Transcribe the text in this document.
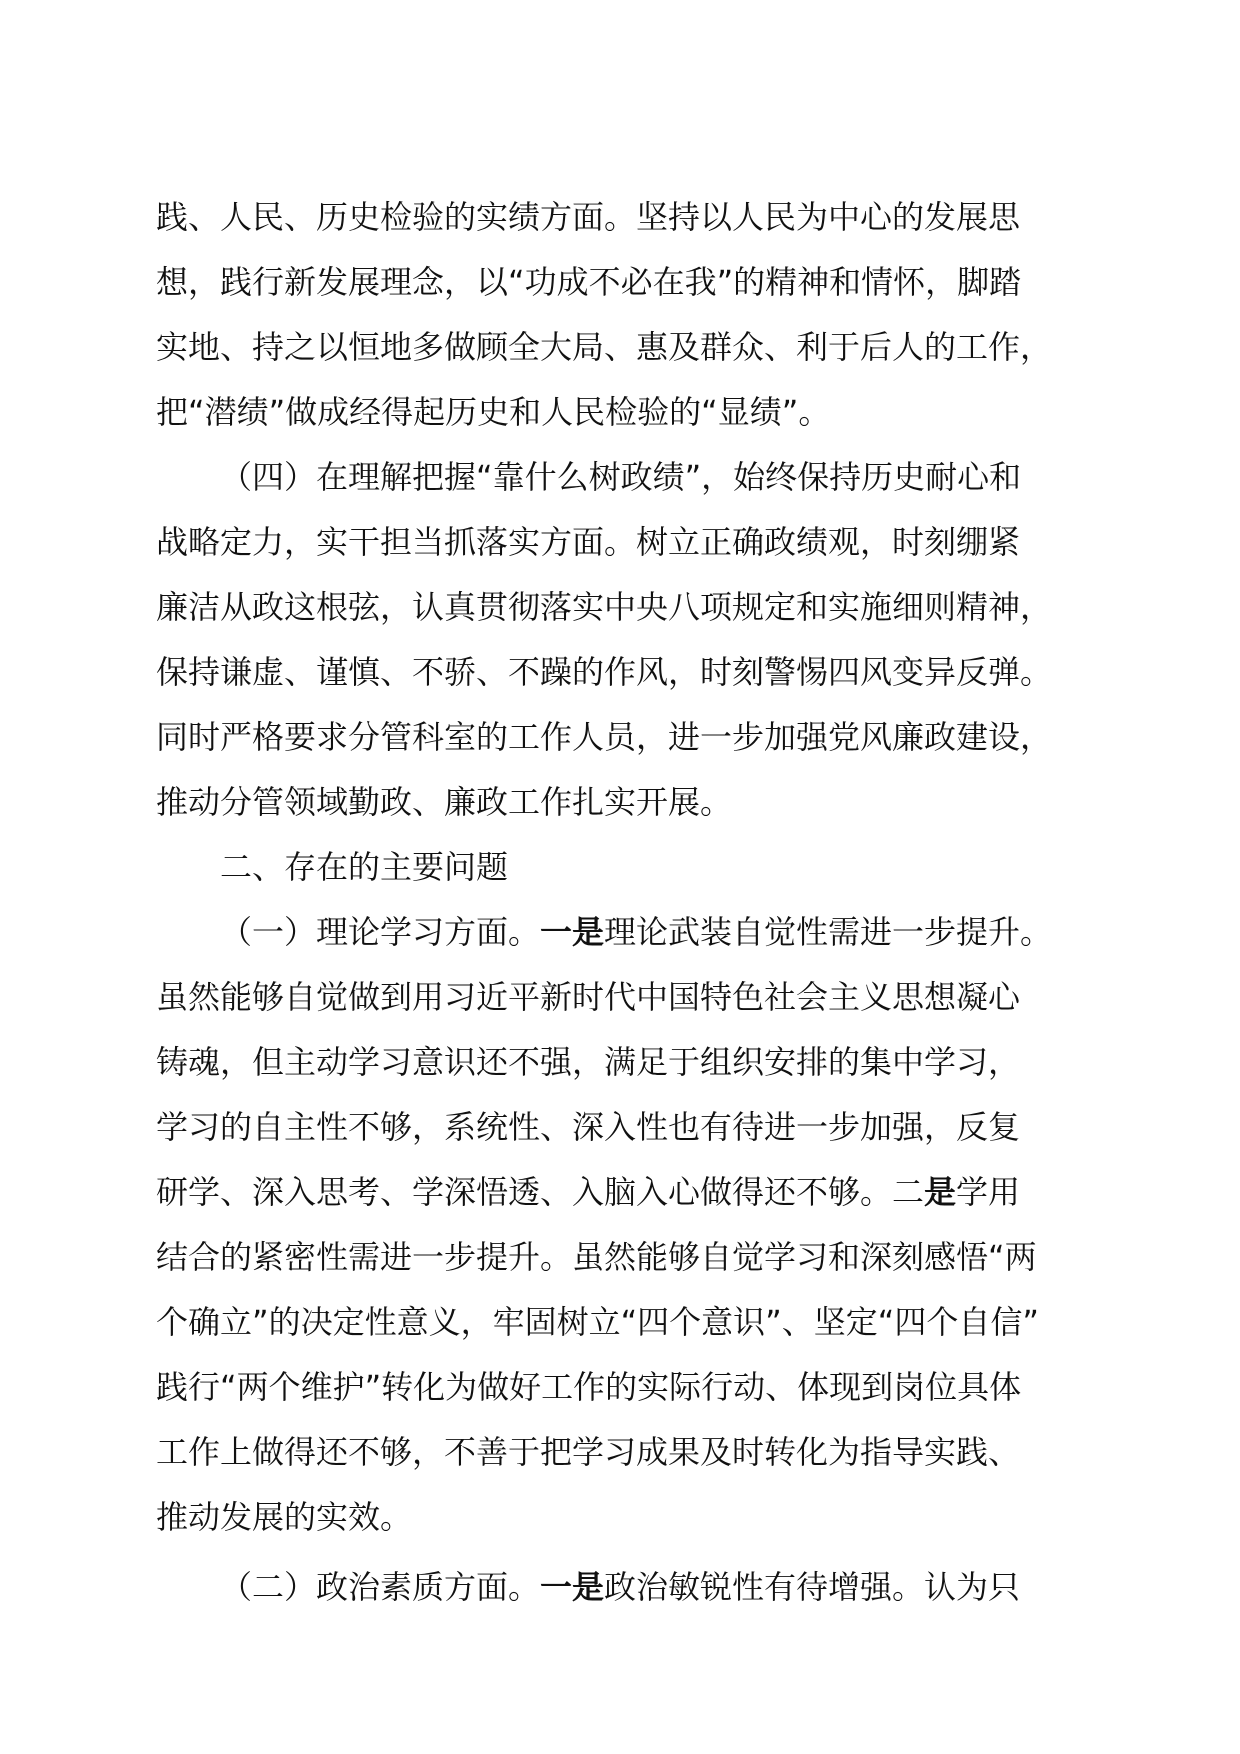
践、人民、历史检验的实绩方面。坚持以人民为中心的发展思
想，践行新发展理念，以“功成不必在我”的精神和情怀，脚踏
实地、持之以恒地多做顾全大局、惠及群众、利于后人的工作，
把“潜绩”做成经得起历史和人民检验的“显绩”。
（四）在理解把握“靠什么树政绩”，始终保持历史耐心和
战略定力，实干担当抓落实方面。树立正确政绩观，时刻绷紧
廉洁从政这根弦，认真贯彻落实中央八项规定和实施细则精神，
保持谦虚、谨慎、不骄、不躁的作风，时刻警惕四风变异反弹。
同时严格要求分管科室的工作人员，进一步加强党风廉政建设，
推动分管领域勤政、廉政工作扎实开展。
二、存在的主要问题
（一）理论学习方面。一是理论武装自觉性需进一步提升。
虽然能够自觉做到用习近平新时代中国特色社会主义思想凝心
铸魂，但主动学习意识还不强，满足于组织安排的集中学习，
学习的自主性不够，系统性、深入性也有待进一步加强，反复
研学、深入思考、学深悟透、入脑入心做得还不够。二是学用
结合的紧密性需进一步提升。虽然能够自觉学习和深刻感悟“两
个确立”的决定性意义，牢固树立“四个意识”、坚定“四个自信”
践行“两个维护”转化为做好工作的实际行动、体现到岗位具体
工作上做得还不够，不善于把学习成果及时转化为指导实践、
推动发展的实效。
（二）政治素质方面。一是政治敏锐性有待增强。认为只
